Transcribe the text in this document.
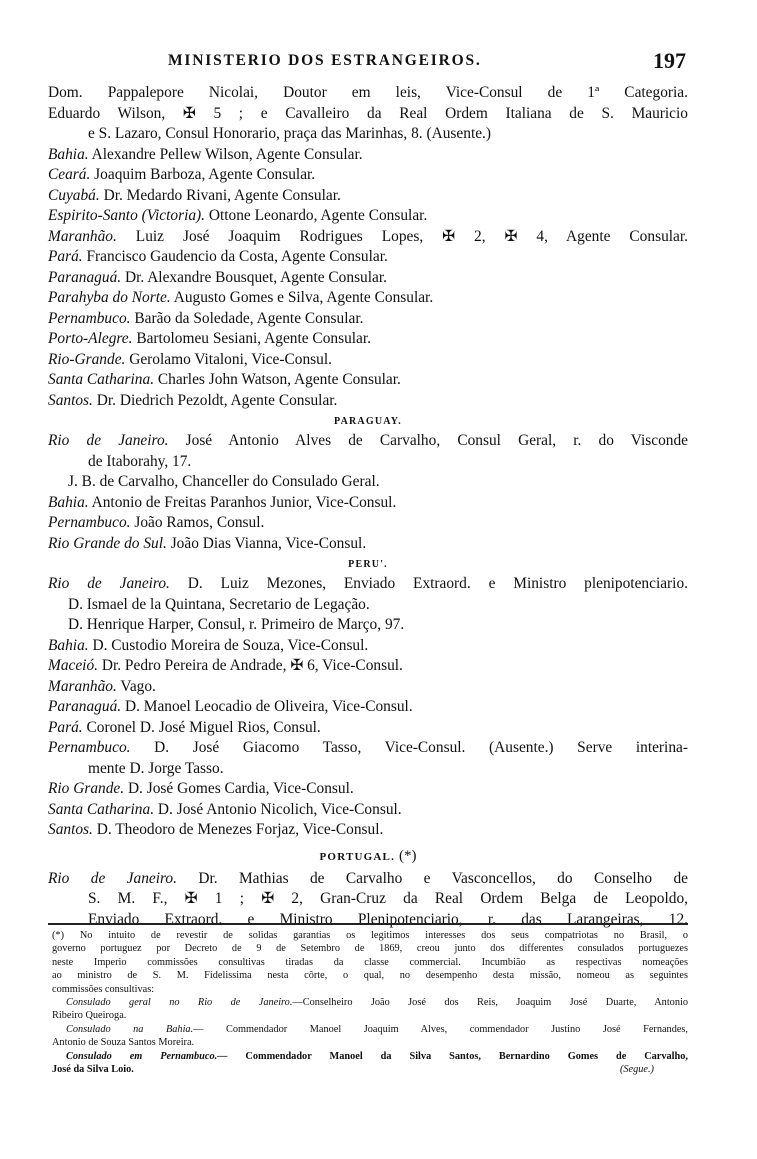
MINISTERIO DOS ESTRANGEIROS.	197
Dom. Pappalepore Nicolai, Doutor em leis, Vice-Consul de 1ª Categoria.
Eduardo Wilson, ✠ 5 ; e Cavalleiro da Real Ordem Italiana de S. Mauricio
e S. Lazaro, Consul Honorario, praça das Marinhas, 8. (Ausente.)
Bahia. Alexandre Pellew Wilson, Agente Consular.
Ceará. Joaquim Barboza, Agente Consular.
Cuyabá. Dr. Medardo Rivani, Agente Consular.
Espirito-Santo (Victoria). Ottone Leonardo, Agente Consular.
Maranhão. Luiz José Joaquim Rodrigues Lopes, ✠ 2, ✠ 4, Agente Consular.
Pará. Francisco Gaudencio da Costa, Agente Consular.
Paranaguá. Dr. Alexandre Bousquet, Agente Consular.
Parahyba do Norte. Augusto Gomes e Silva, Agente Consular.
Pernambuco. Barão da Soledade, Agente Consular.
Porto-Alegre. Bartolomeu Sesiani, Agente Consular.
Rio-Grande. Gerolamo Vitaloni, Vice-Consul.
Santa Catharina. Charles John Watson, Agente Consular.
Santos. Dr. Diedrich Pezoldt, Agente Consular.
PARAGUAY.
Rio de Janeiro. José Antonio Alves de Carvalho, Consul Geral, r. do Visconde
de Itaborahy, 17.
J. B. de Carvalho, Chanceller do Consulado Geral.
Bahia. Antonio de Freitas Paranhos Junior, Vice-Consul.
Pernambuco. João Ramos, Consul.
Rio Grande do Sul. João Dias Vianna, Vice-Consul.
PERU'.
Rio de Janeiro. D. Luiz Mezones, Enviado Extraord. e Ministro plenipotenciario.
D. Ismael de la Quintana, Secretario de Legação.
D. Henrique Harper, Consul, r. Primeiro de Março, 97.
Bahia. D. Custodio Moreira de Souza, Vice-Consul.
Maceió. Dr. Pedro Pereira de Andrade, ✠ 6, Vice-Consul.
Maranhão. Vago.
Paranaguá. D. Manoel Leocadio de Oliveira, Vice-Consul.
Pará. Coronel D. José Miguel Rios, Consul.
Pernambuco. D. José Giacomo Tasso, Vice-Consul. (Ausente.) Serve interina-
mente D. Jorge Tasso.
Rio Grande. D. José Gomes Cardia, Vice-Consul.
Santa Catharina. D. José Antonio Nicolich, Vice-Consul.
Santos. D. Theodoro de Menezes Forjaz, Vice-Consul.
PORTUGAL. (*)
Rio de Janeiro. Dr. Mathias de Carvalho e Vasconcellos, do Conselho de
S. M. F., ✠ 1 ; ✠ 2, Gran-Cruz da Real Ordem Belga de Leopoldo,
Enviado Extraord. e Ministro Plenipotenciario, r. das Larangeiras, 12.
(*) No intuito de revestir de solidas garantias os legitimos interesses dos seus compatriotas no Brasil, o
governo portuguez por Decreto de 9 de Setembro de 1869, creou junto dos differentes consulados portuguezes
neste Imperio commissões consultivas tiradas da classe commercial. Incumbião as respectivas nomeações
ao ministro de S. M. Fidelissima nesta côrte, o qual, no desempenho desta missão, nomeou as seguintes
commissões consultivas:
Consulado geral no Rio de Janeiro.—Conselheiro João José dos Reis, Joaquim José Duarte, Antonio
Ribeiro Queiroga.
Consulado na Bahia.— Commendador Manoel Joaquim Alves, commendador Justino José Fernandes,
Antonio de Souza Santos Moreira.
Consulado em Pernambuco.— Commendador Manoel da Silva Santos, Bernardino Gomes de Carvalho,
José da Silva Loio.	(Segue.)
